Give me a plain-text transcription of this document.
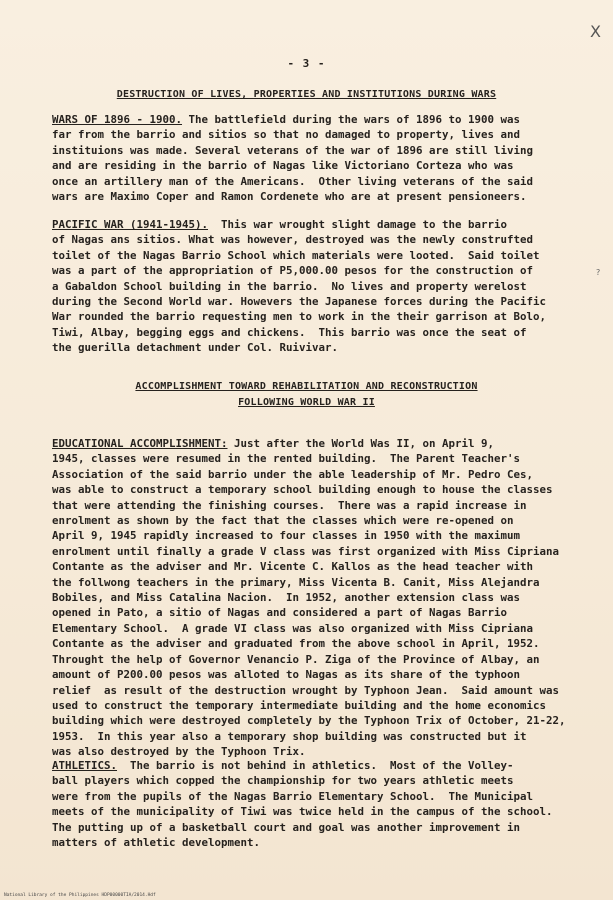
X
?
- 3 -
DESTRUCTION OF LIVES, PROPERTIES AND INSTITUTIONS DURING WARS
WARS OF 1896 - 1900. The battlefield during the wars of 1896 to 1900 was
far from the barrio and sitios so that no damaged to property, lives and
instituions was made. Several veterans of the war of 1896 are still living
and are residing in the barrio of Nagas like Victoriano Corteza who was
once an artillery man of the Americans.  Other living veterans of the said
wars are Maximo Coper and Ramon Cordenete who are at present pensioneers.
PACIFIC WAR (1941-1945).  This war wrought slight damage to the barrio
of Nagas ans sitios. What was however, destroyed was the newly construfted
toilet of the Nagas Barrio School which materials were looted.  Said toilet
was a part of the appropriation of P5,000.00 pesos for the construction of
a Gabaldon School building in the barrio.  No lives and property werelost
during the Second World war. Howevers the Japanese forces during the Pacific
War rounded the barrio requesting men to work in the their garrison at Bolo,
Tiwi, Albay, begging eggs and chickens.  This barrio was once the seat of
the guerilla detachment under Col. Ruivivar.
ACCOMPLISHMENT TOWARD REHABILITATION AND RECONSTRUCTION
FOLLOWING WORLD WAR II
EDUCATIONAL ACCOMPLISHMENT: Just after the World Was II, on April 9,
1945, classes were resumed in the rented building.  The Parent Teacher's
Association of the said barrio under the able leadership of Mr. Pedro Ces,
was able to construct a temporary school building enough to house the classes
that were attending the finishing courses.  There was a rapid increase in
enrolment as shown by the fact that the classes which were re-opened on
April 9, 1945 rapidly increased to four classes in 1950 with the maximum
enrolment until finally a grade V class was first organized with Miss Cipriana
Contante as the adviser and Mr. Vicente C. Kallos as the head teacher with
the follwong teachers in the primary, Miss Vicenta B. Canit, Miss Alejandra
Bobiles, and Miss Catalina Nacion.  In 1952, another extension class was
opened in Pato, a sitio of Nagas and considered a part of Nagas Barrio
Elementary School.  A grade VI class was also organized with Miss Cipriana
Contante as the adviser and graduated from the above school in April, 1952.
Throught the help of Governor Venancio P. Ziga of the Province of Albay, an
amount of P200.00 pesos was alloted to Nagas as its share of the typhoon
relief  as result of the destruction wrought by Typhoon Jean.  Said amount was
used to construct the temporary intermediate building and the home economics
building which were destroyed completely by the Typhoon Trix of October, 21-22,
1953.  In this year also a temporary shop building was constructed but it
was also destroyed by the Typhoon Trix.
ATHLETICS.  The barrio is not behind in athletics.  Most of the Volley-
ball players which copped the championship for two years athletic meets
were from the pupils of the Nagas Barrio Elementary School.  The Municipal
meets of the municipality of Tiwi was twice held in the campus of the school.
The putting up of a basketball court and goal was another improvement in
matters of athletic development.
National Library of the Philippines HDP00000TIA/2014.Hdf
